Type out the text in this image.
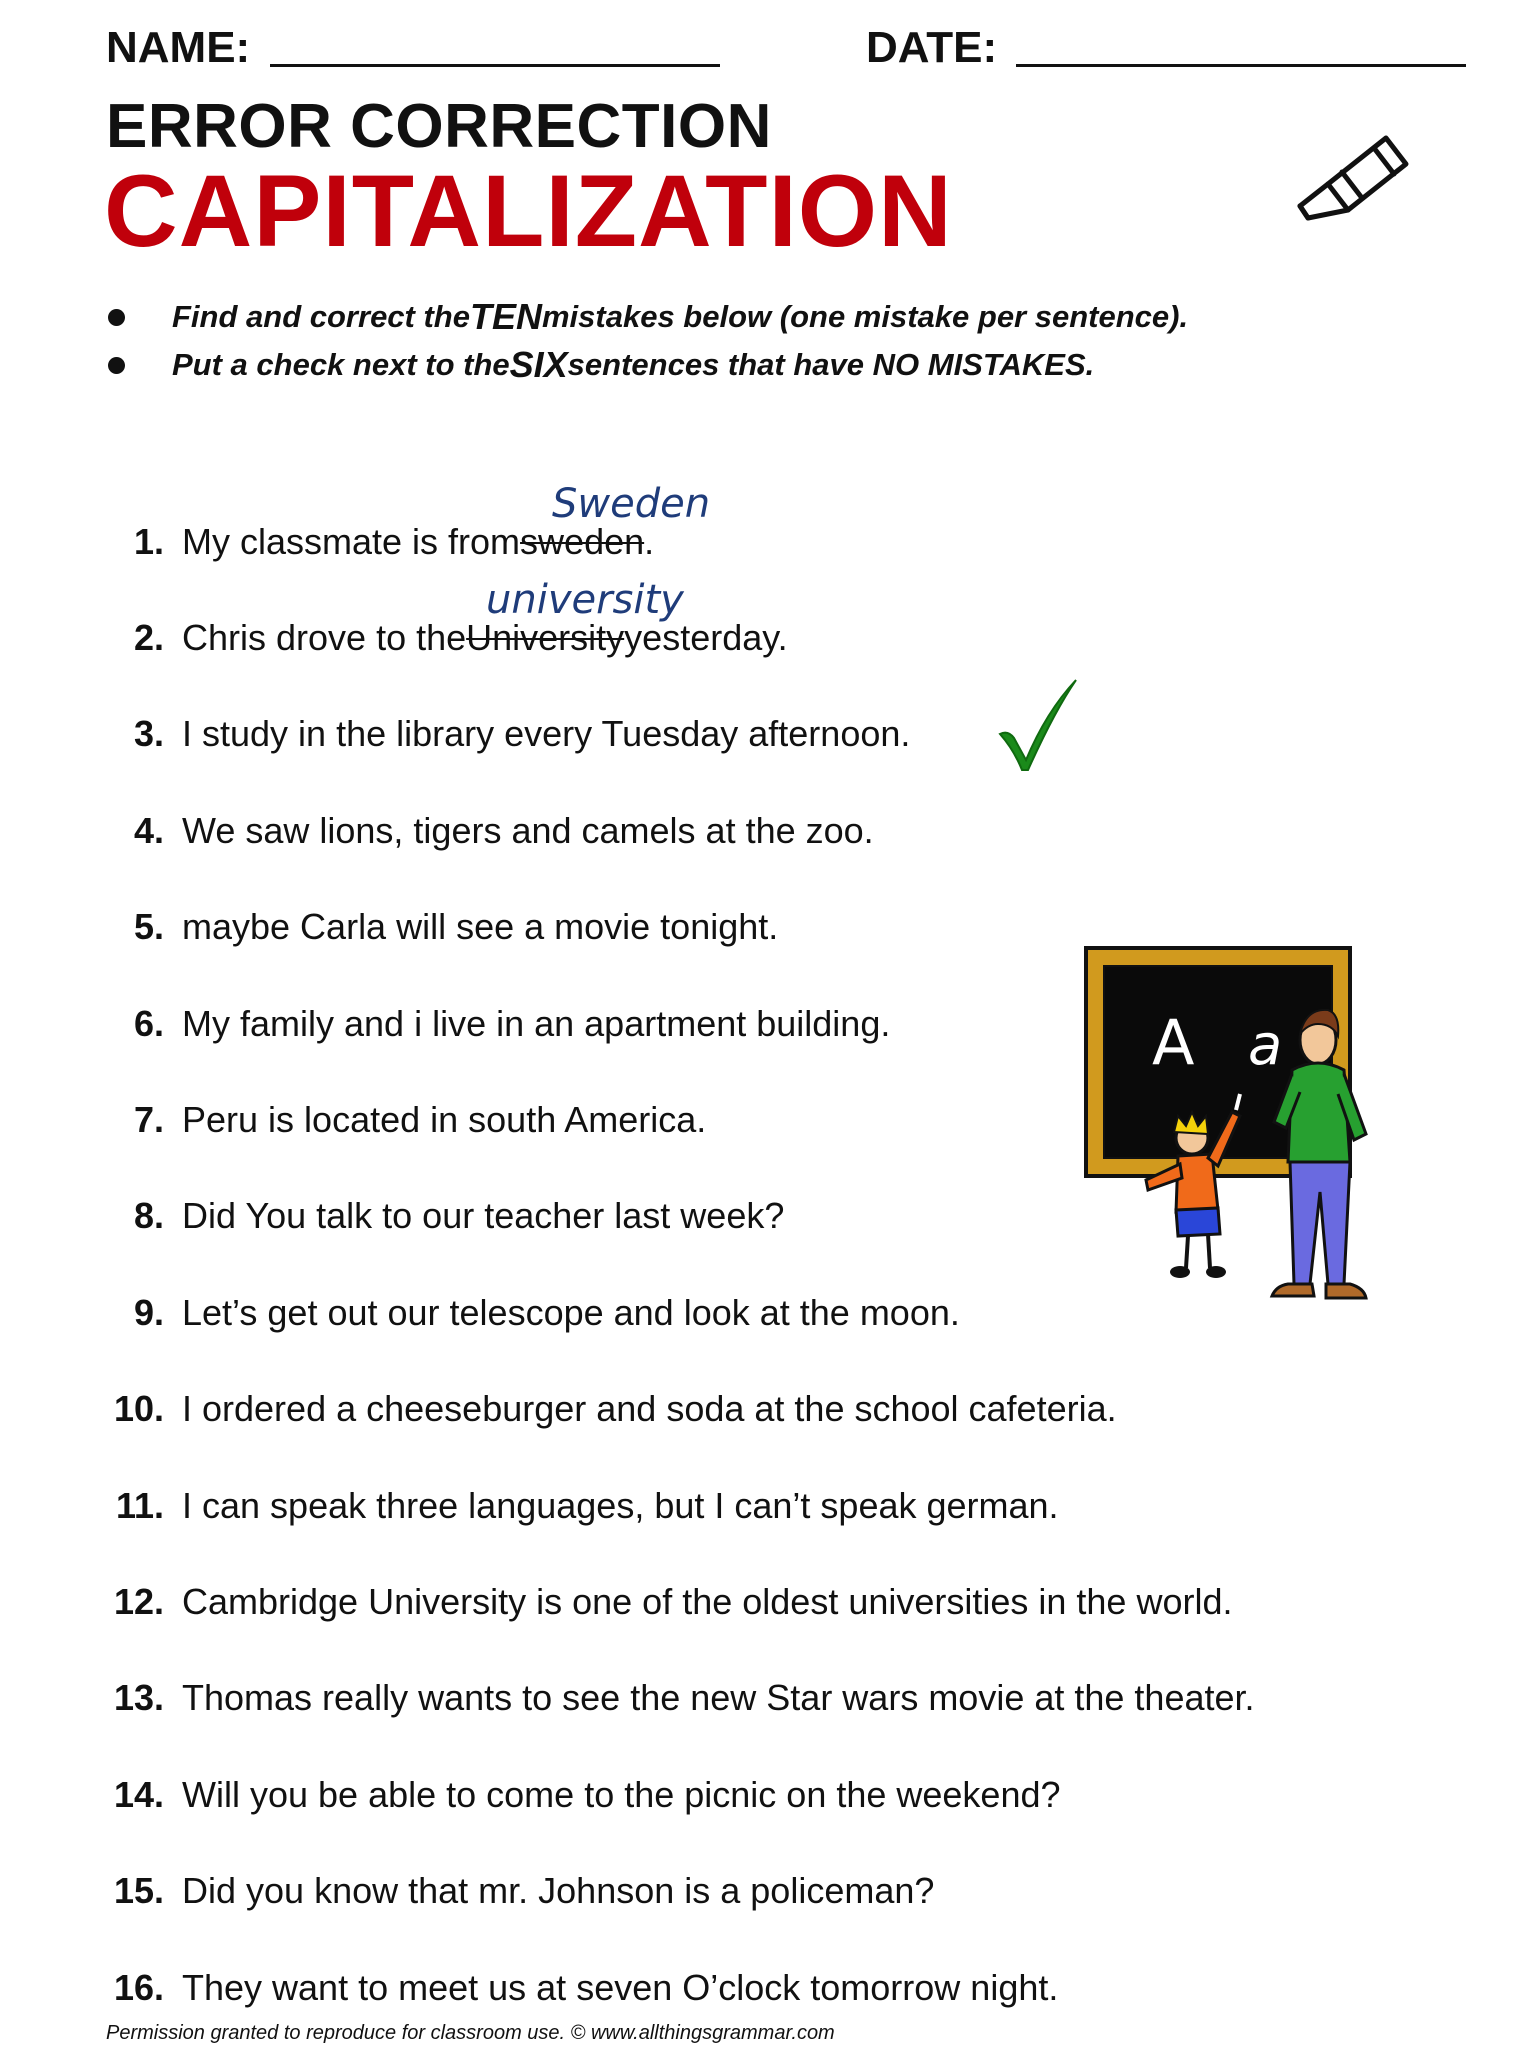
NAME:	DATE:
ERROR CORRECTION
CAPITALIZATION
Find and correct the TEN mistakes below (one mistake per sentence).
Put a check next to the SIX sentences that have NO MISTAKES.
Sweden
university
1. My classmate is from sweden .
2. Chris drove to the University yesterday.
3. I study in the library every Tuesday afternoon.
4. We saw lions, tigers and camels at the zoo.
5. maybe Carla will see a movie tonight.
6. My family and i live in an apartment building.
7. Peru is located in south America.
8. Did You talk to our teacher last week?
9. Let’s get out our telescope and look at the moon.
10. I ordered a cheeseburger and soda at the school cafeteria.
11. I can speak three languages, but I can’t speak german.
12. Cambridge University is one of the oldest universities in the world.
13. Thomas really wants to see the new Star wars movie at the theater.
14. Will you be able to come to the picnic on the weekend?
15. Did you know that mr. Johnson is a policeman?
16. They want to meet us at seven O’clock tomorrow night.
A a
Permission granted to reproduce for classroom use. © www.allthingsgrammar.com
